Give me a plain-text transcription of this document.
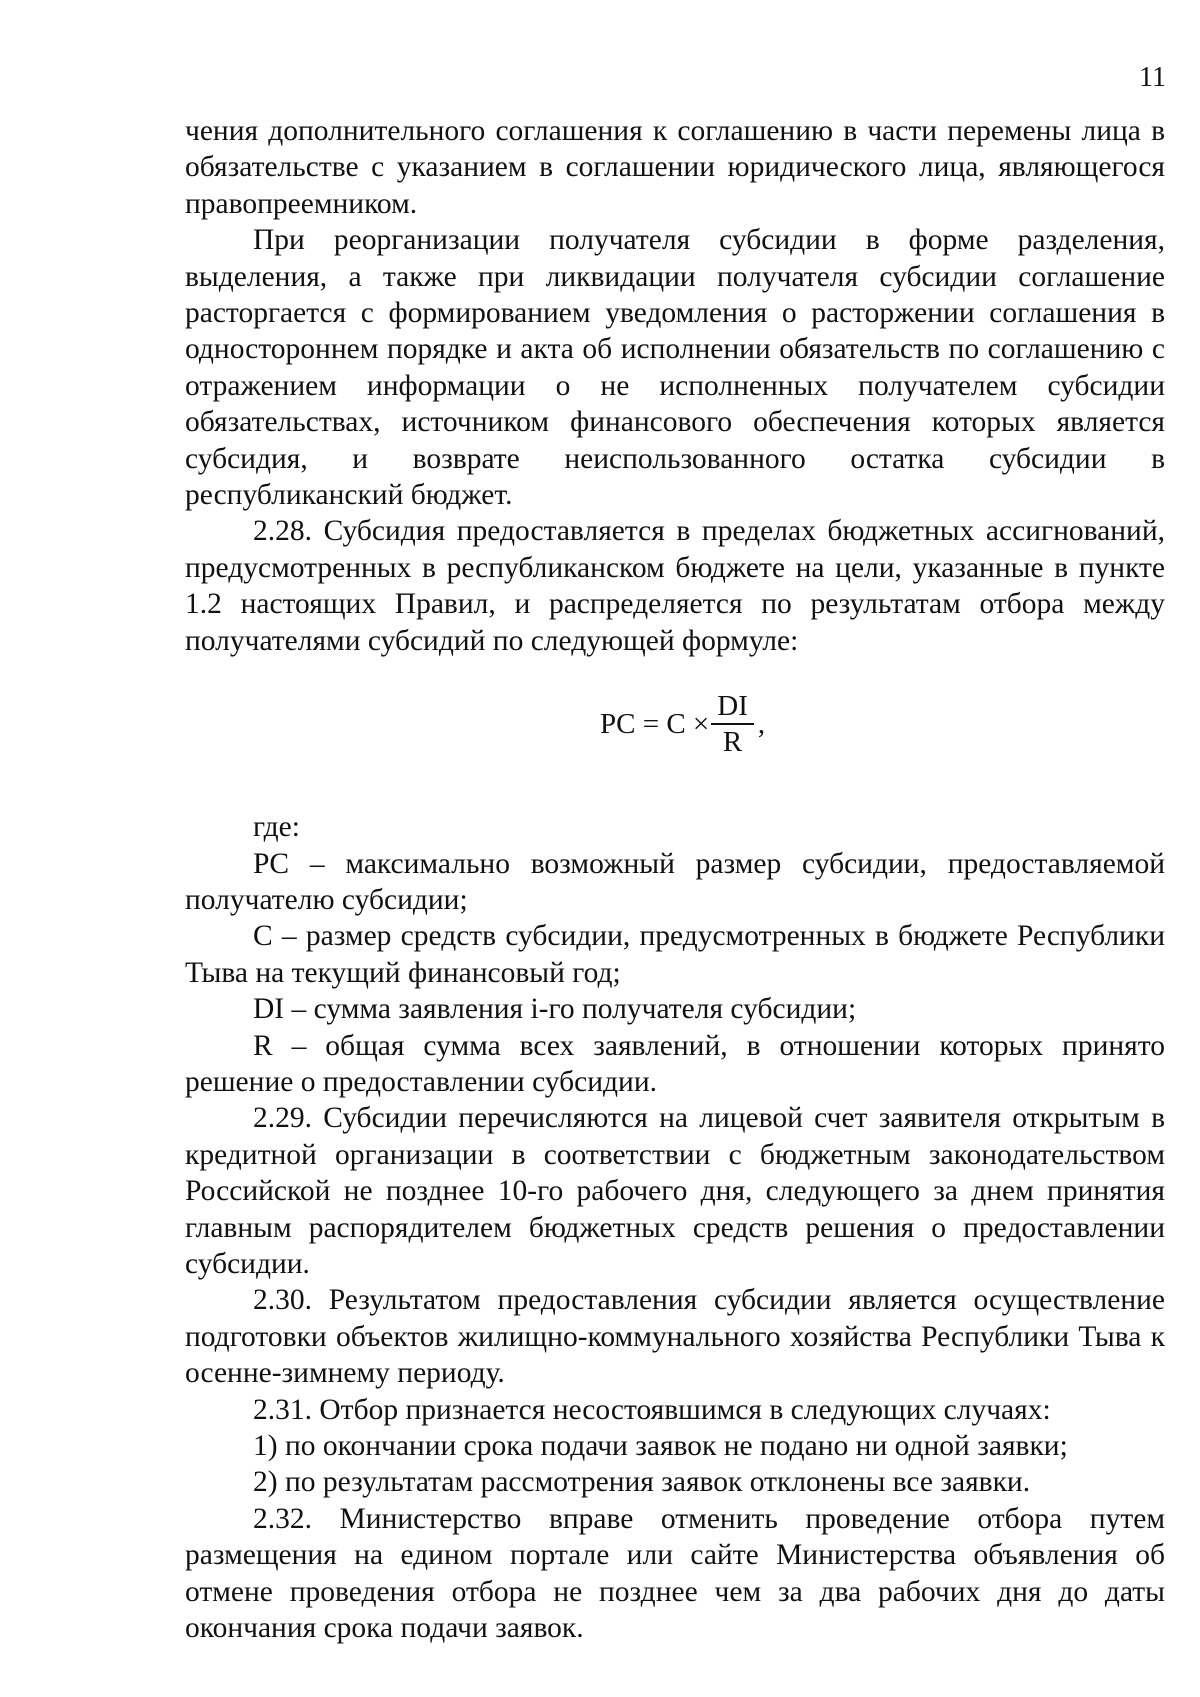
11

чения дополнительного соглашения к соглашению в части перемены лица в обязательстве с указанием в соглашении юридического лица, являющегося правопреемником.

При реорганизации получателя субсидии в форме разделения, выделения, а также при ликвидации получателя субсидии соглашение расторгается с формированием уведомления о расторжении соглашения в одностороннем порядке и акта об исполнении обязательств по соглашению с отражением информации о не исполненных получателем субсидии обязательствах, источником финансового обеспечения которых является субсидия, и возврате неиспользованного остатка субсидии в республиканский бюджет.

2.28. Субсидия предоставляется в пределах бюджетных ассигнований, предусмотренных в республиканском бюджете на цели, указанные в пункте 1.2 настоящих Правил, и распределяется по результатам отбора между получателями субсидий по следующей формуле:

PC = $C \times \frac{DI}{R}$ ,

где:

PC – максимально возможный размер субсидии, предоставляемой получателю субсидии;

C – размер средств субсидии, предусмотренных в бюджете Республики Тыва на текущий финансовый год;

DI – сумма заявления i-го получателя субсидии;

R – общая сумма всех заявлений, в отношении которых принято решение о предоставлении субсидии.

2.29. Субсидии перечисляются на лицевой счет заявителя открытым в кредитной организации в соответствии с бюджетным законодательством Российской не позднее 10-го рабочего дня, следующего за днем принятия главным распорядителем бюджетных средств решения о предоставлении субсидии.

2.30. Результатом предоставления субсидии является осуществление подготовки объектов жилищно-коммунального хозяйства Республики Тыва к осенне-зимнему периоду.

2.31. Отбор признается несостоявшимся в следующих случаях:

1) по окончании срока подачи заявок не подано ни одной заявки;

2) по результатам рассмотрения заявок отклонены все заявки.

2.32. Министерство вправе отменить проведение отбора путем размещения на едином портале или сайте Министерства объявления об отмене проведения отбора не позднее чем за два рабочих дня до даты окончания срока подачи заявок.
